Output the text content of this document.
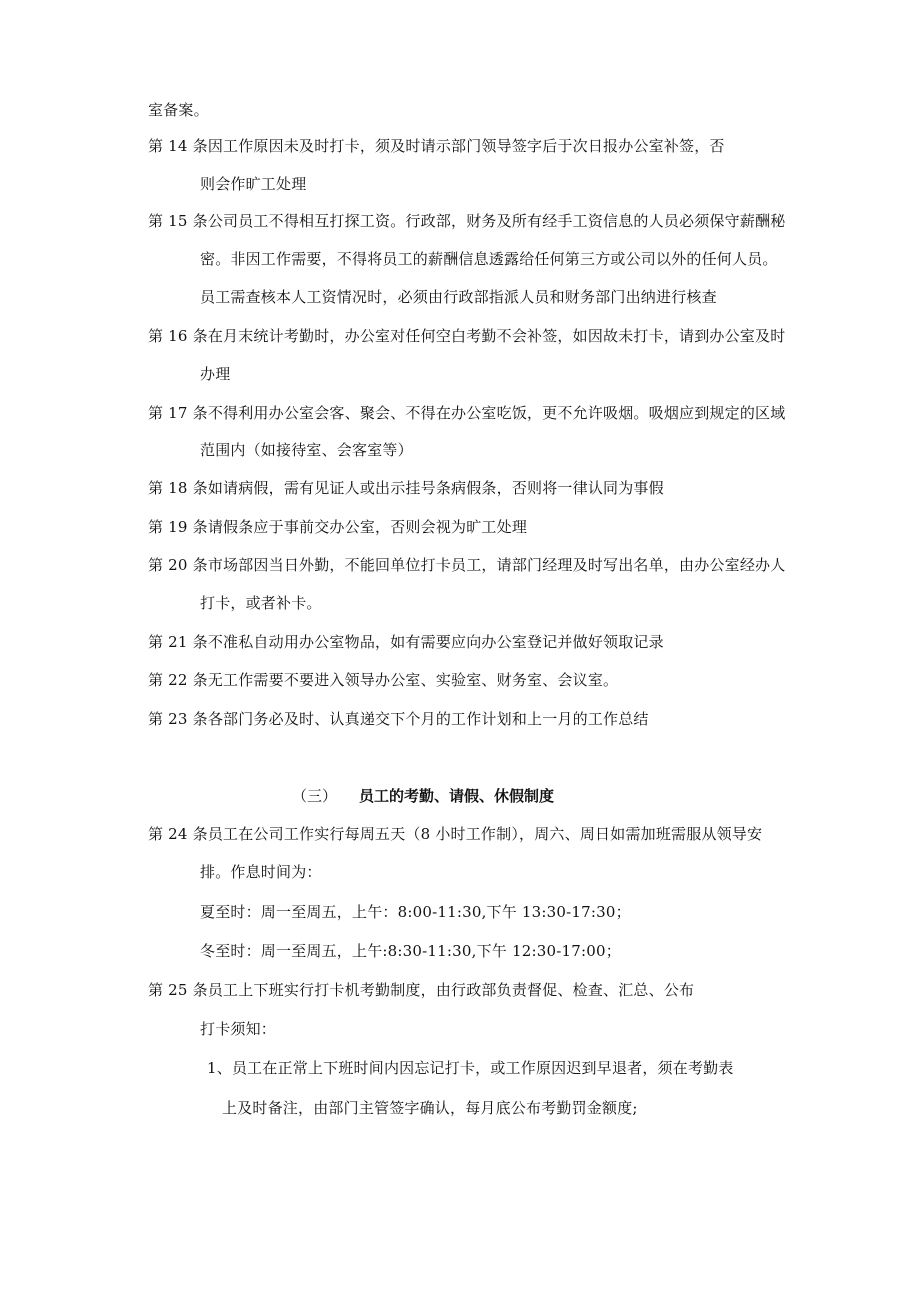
室备案。
第 14 条因工作原因未及时打卡，须及时请示部门领导签字后于次日报办公室补签，否
则会作旷工处理
第 15 条公司员工不得相互打探工资。行政部，财务及所有经手工资信息的人员必须保守薪酬秘
密。非因工作需要，不得将员工的薪酬信息透露给任何第三方或公司以外的任何人员。
员工需查核本人工资情况时，必须由行政部指派人员和财务部门出纳进行核查
第 16 条在月末统计考勤时，办公室对任何空白考勤不会补签，如因故未打卡，请到办公室及时
办理
第 17 条不得利用办公室会客、聚会、不得在办公室吃饭，更不允许吸烟。吸烟应到规定的区域
范围内（如接待室、会客室等）
第 18 条如请病假，需有见证人或出示挂号条病假条，否则将一律认同为事假
第 19 条请假条应于事前交办公室，否则会视为旷工处理
第 20 条市场部因当日外勤，不能回单位打卡员工，请部门经理及时写出名单，由办公室经办人
打卡，或者补卡。
第 21 条不准私自动用办公室物品，如有需要应向办公室登记并做好领取记录
第 22 条无工作需要不要进入领导办公室、实验室、财务室、会议室。
第 23 条各部门务必及时、认真递交下个月的工作计划和上一月的工作总结
（三） 员工的考勤、请假、休假制度
第 24 条员工在公司工作实行每周五天（8 小时工作制），周六、周日如需加班需服从领导安
排。作息时间为：
夏至时：周一至周五，上午：8:00-11:30,下午 13:30-17:30；
冬至时：周一至周五，上午:8:30-11:30,下午 12:30-17:00；
第 25 条员工上下班实行打卡机考勤制度，由行政部负责督促、检查、汇总、公布
打卡须知：
1、员工在正常上下班时间内因忘记打卡，或工作原因迟到早退者，须在考勤表
上及时备注，由部门主管签字确认，每月底公布考勤罚金额度;
